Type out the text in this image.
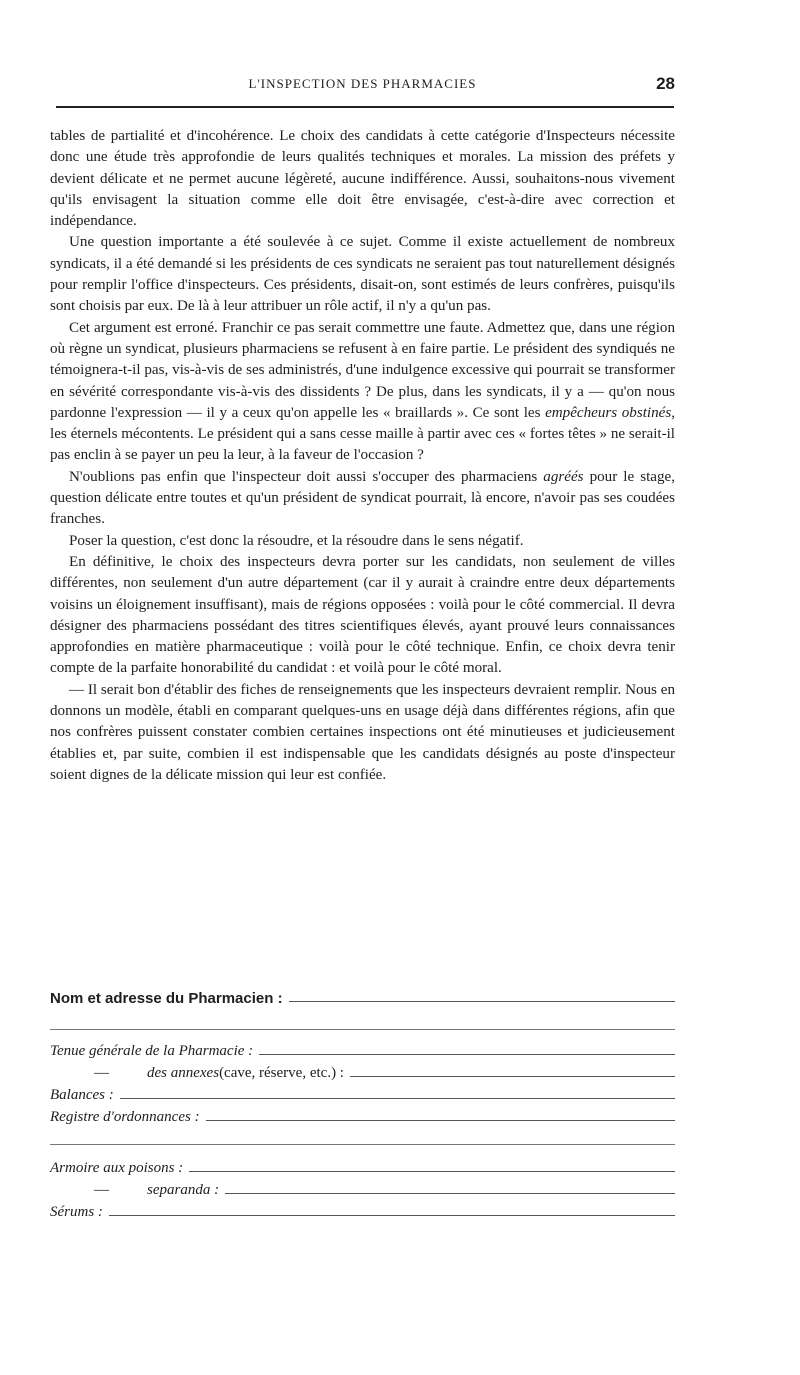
L'INSPECTION DES PHARMACIES	28

tables de partialité et d'incohérence. Le choix des candidats à cette catégorie d'Inspecteurs nécessite donc une étude très approfondie de leurs qualités techniques et morales. La mission des préfets y devient délicate et ne permet aucune légèreté, aucune indifférence. Aussi, souhaitons-nous vivement qu'ils envisagent la situation comme elle doit être envisagée, c'est-à-dire avec correction et indépendance.

Une question importante a été soulevée à ce sujet. Comme il existe actuellement de nombreux syndicats, il a été demandé si les présidents de ces syndicats ne seraient pas tout naturellement désignés pour remplir l'office d'inspecteurs. Ces présidents, disait-on, sont estimés de leurs confrères, puisqu'ils sont choisis par eux. De là à leur attribuer un rôle actif, il n'y a qu'un pas.

Cet argument est erroné. Franchir ce pas serait commettre une faute. Admettez que, dans une région où règne un syndicat, plusieurs pharmaciens se refusent à en faire partie. Le président des syndiqués ne témoignera-t-il pas, vis-à-vis de ses administrés, d'une indulgence excessive qui pourrait se transformer en sévérité correspondante vis-à-vis des dissidents ? De plus, dans les syndicats, il y a — qu'on nous pardonne l'expression — il y a ceux qu'on appelle les « braillards ». Ce sont les empêcheurs obstinés, les éternels mécontents. Le président qui a sans cesse maille à partir avec ces « fortes têtes » ne serait-il pas enclin à se payer un peu la leur, à la faveur de l'occasion ?

N'oublions pas enfin que l'inspecteur doit aussi s'occuper des pharmaciens agréés pour le stage, question délicate entre toutes et qu'un président de syndicat pourrait, là encore, n'avoir pas ses coudées franches.

Poser la question, c'est donc la résoudre, et la résoudre dans le sens négatif.

En définitive, le choix des inspecteurs devra porter sur les candidats, non seulement de villes différentes, non seulement d'un autre département (car il y aurait à craindre entre deux départements voisins un éloignement insuffisant), mais de régions opposées : voilà pour le côté commercial. Il devra désigner des pharmaciens possédant des titres scientifiques élevés, ayant prouvé leurs connaissances approfondies en matière pharmaceutique : voilà pour le côté technique. Enfin, ce choix devra tenir compte de la parfaite honorabilité du candidat : et voilà pour le côté moral.

— Il serait bon d'établir des fiches de renseignements que les inspecteurs devraient remplir. Nous en donnons un modèle, établi en comparant quelques-uns en usage déjà dans différentes régions, afin que nos confrères puissent constater combien certaines inspections ont été minutieuses et judicieusement établies et, par suite, combien il est indispensable que les candidats désignés au poste d'inspecteur soient dignes de la délicate mission qui leur est confiée.

Nom et adresse du Pharmacien :
Tenue générale de la Pharmacie :
—	des annexes(cave, réserve, etc.) :
Balances :
Registre d'ordonnances :
Armoire aux poisons :
—	separanda :
Sérums :
